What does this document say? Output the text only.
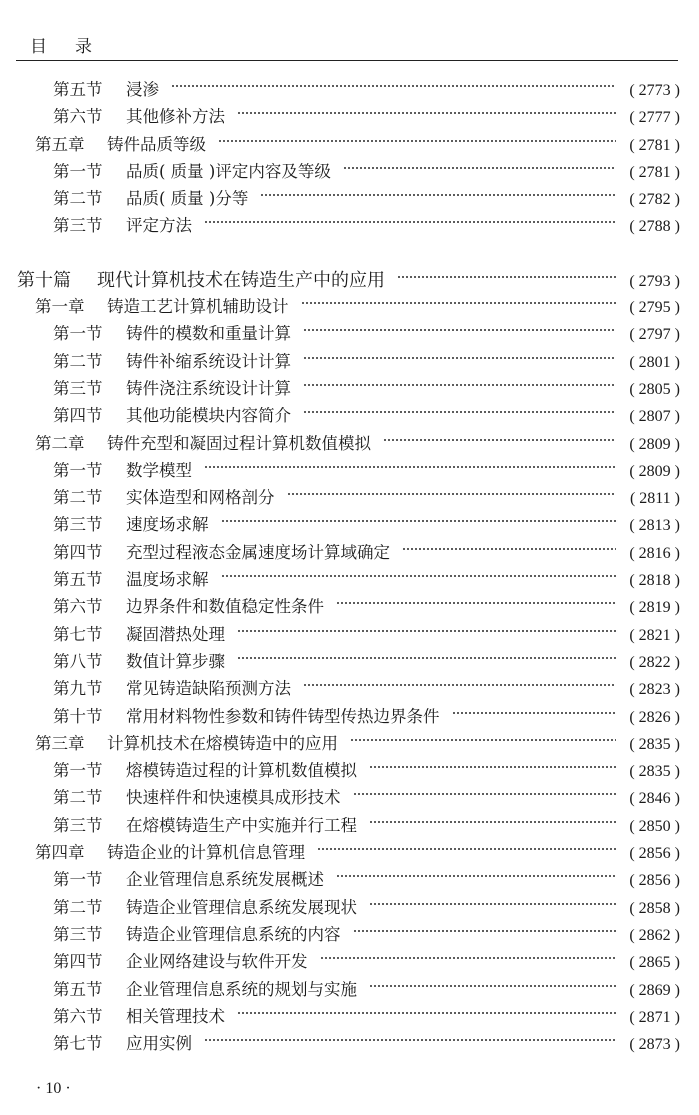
目录
第五节	浸渗	( 2773 )
第六节	其他修补方法	( 2777 )
第五章	铸件品质等级	( 2781 )
第一节	品质( 质量 )评定内容及等级	( 2781 )
第二节	品质( 质量 )分等	( 2782 )
第三节	评定方法	( 2788 )
第十篇	现代计算机技术在铸造生产中的应用	( 2793 )
第一章	铸造工艺计算机辅助设计	( 2795 )
第一节	铸件的模数和重量计算	( 2797 )
第二节	铸件补缩系统设计计算	( 2801 )
第三节	铸件浇注系统设计计算	( 2805 )
第四节	其他功能模块内容简介	( 2807 )
第二章	铸件充型和凝固过程计算机数值模拟	( 2809 )
第一节	数学模型	( 2809 )
第二节	实体造型和网格剖分	( 2811 )
第三节	速度场求解	( 2813 )
第四节	充型过程液态金属速度场计算域确定	( 2816 )
第五节	温度场求解	( 2818 )
第六节	边界条件和数值稳定性条件	( 2819 )
第七节	凝固潜热处理	( 2821 )
第八节	数值计算步骤	( 2822 )
第九节	常见铸造缺陷预测方法	( 2823 )
第十节	常用材料物性参数和铸件铸型传热边界条件	( 2826 )
第三章	计算机技术在熔模铸造中的应用	( 2835 )
第一节	熔模铸造过程的计算机数值模拟	( 2835 )
第二节	快速样件和快速模具成形技术	( 2846 )
第三节	在熔模铸造生产中实施并行工程	( 2850 )
第四章	铸造企业的计算机信息管理	( 2856 )
第一节	企业管理信息系统发展概述	( 2856 )
第二节	铸造企业管理信息系统发展现状	( 2858 )
第三节	铸造企业管理信息系统的内容	( 2862 )
第四节	企业网络建设与软件开发	( 2865 )
第五节	企业管理信息系统的规划与实施	( 2869 )
第六节	相关管理技术	( 2871 )
第七节	应用实例	( 2873 )
· 10 ·
